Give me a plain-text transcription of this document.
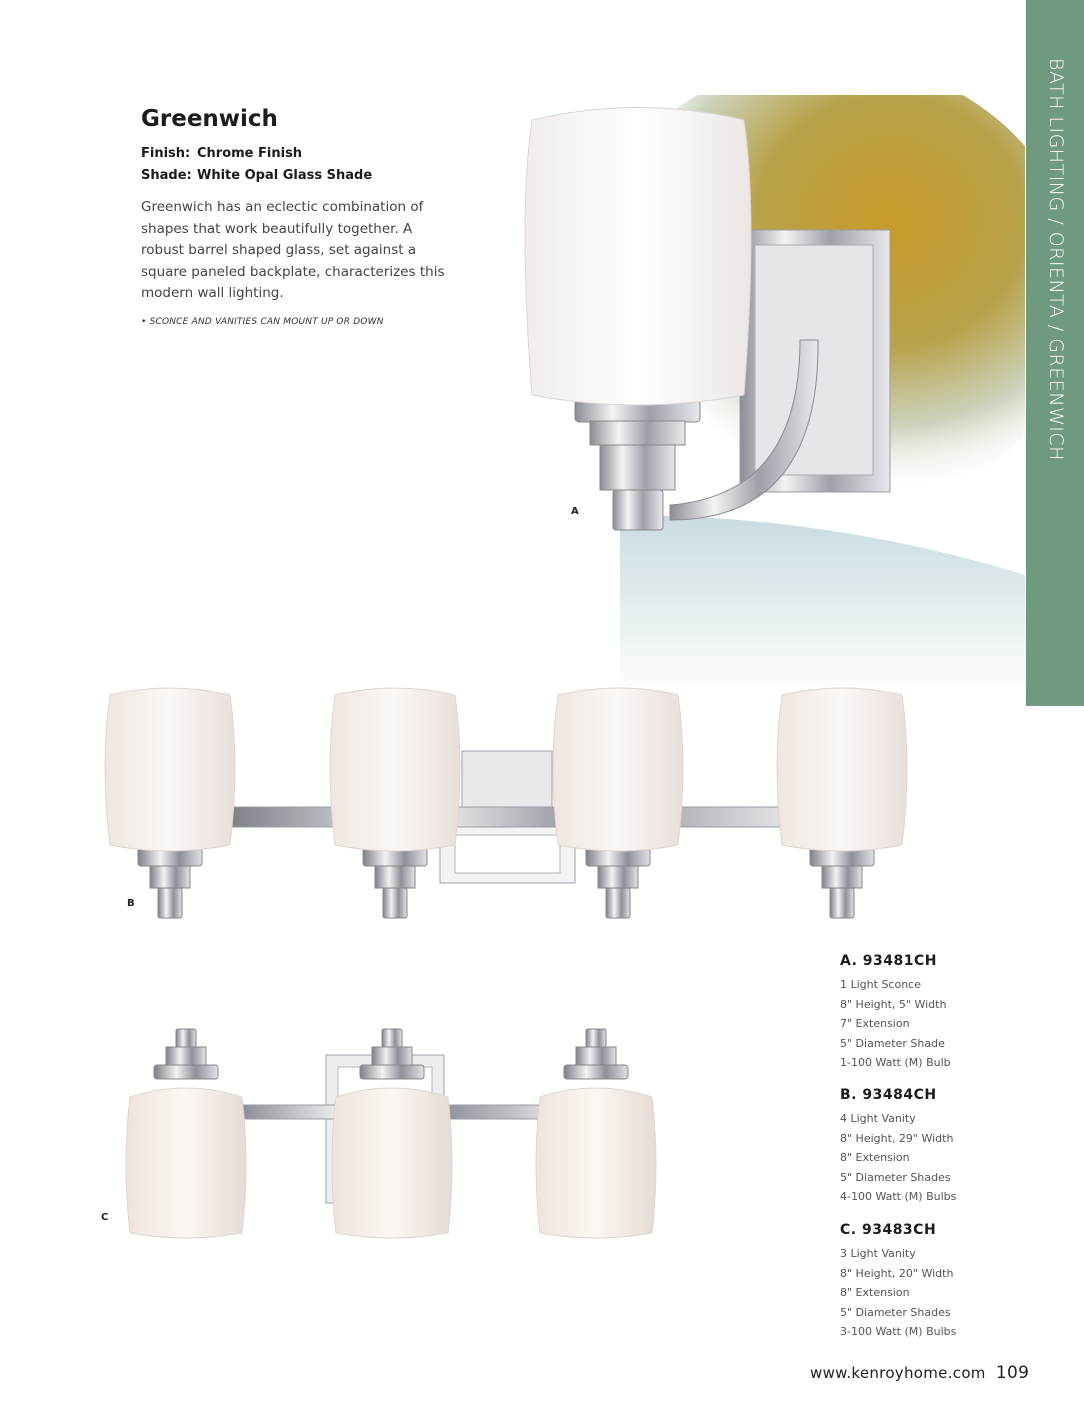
BATH LIGHTING / ORIENTA / GREENWICH
Greenwich
Finish: Chrome Finish
Shade: White Opal Glass Shade
Greenwich has an eclectic combination of shapes that work beautifully together. A robust barrel shaped glass, set against a square paneled backplate, characterizes this modern wall lighting.
• SCONCE AND VANITIES CAN MOUNT UP OR DOWN
A
B
C
A. 93481CH
1 Light Sconce
8" Height, 5" Width
7" Extension
5" Diameter Shade
1-100 Watt (M) Bulb
B. 93484CH
4 Light Vanity
8" Height, 29" Width
8" Extension
5" Diameter Shades
4-100 Watt (M) Bulbs
C. 93483CH
3 Light Vanity
8" Height, 20" Width
8" Extension
5" Diameter Shades
3-100 Watt (M) Bulbs
www.kenroyhome.com 109
